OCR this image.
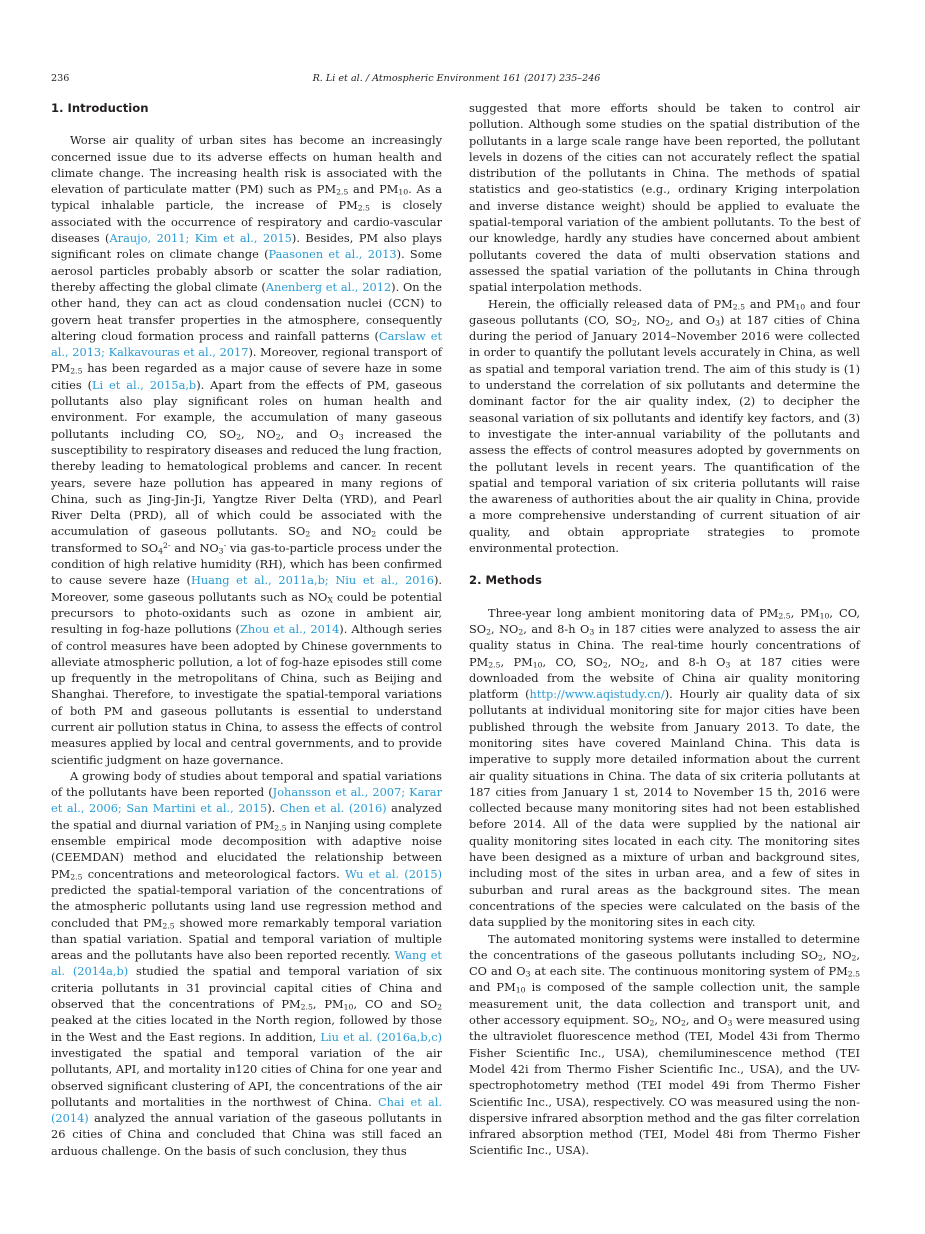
236	R. Li et al. / Atmospheric Environment 161 (2017) 235–246
1. Introduction

Worse air quality of urban sites has become an increasingly concerned issue due to its adverse effects on human health and climate change. The increasing health risk is associated with the elevation of particulate matter (PM) such as $PM_{2.5}$ and $PM_{10}$. As a typical inhalable particle, the increase of $PM_{2.5}$ is closely associated with the occurrence of respiratory and cardio-vascular diseases (Araujo, 2011; Kim et al., 2015). Besides, PM also plays significant roles on climate change (Paasonen et al., 2013). Some aerosol particles probably absorb or scatter the solar radiation, thereby affecting the global climate (Anenberg et al., 2012). On the other hand, they can act as cloud condensation nuclei (CCN) to govern heat transfer properties in the atmosphere, consequently altering cloud formation process and rainfall patterns (Carslaw et al., 2013; Kalkavouras et al., 2017). Moreover, regional transport of $PM_{2.5}$ has been regarded as a major cause of severe haze in some cities (Li et al., 2015a,b). Apart from the effects of PM, gaseous pollutants also play significant roles on human health and environment. For example, the accumulation of many gaseous pollutants including CO, $SO_2$, $NO_2$, and $O_3$ increased the susceptibility to respiratory diseases and reduced the lung fraction, thereby leading to hematological problems and cancer. In recent years, severe haze pollution has appeared in many regions of China, such as Jing-Jin-Ji, Yangtze River Delta (YRD), and Pearl River Delta (PRD), all of which could be associated with the accumulation of gaseous pollutants. $SO_2$ and $NO_2$ could be transformed to $SO_4^{2-}$ and $NO_3^-$ via gas-to-particle process under the condition of high relative humidity (RH), which has been confirmed to cause severe haze (Huang et al., 2011a,b; Niu et al., 2016). Moreover, some gaseous pollutants such as $NO_X$ could be potential precursors to photo-oxidants such as ozone in ambient air, resulting in fog-haze pollutions (Zhou et al., 2014). Although series of control measures have been adopted by Chinese governments to alleviate atmospheric pollution, a lot of fog-haze episodes still come up frequently in the metropolitans of China, such as Beijing and Shanghai. Therefore, to investigate the spatial-temporal variations of both PM and gaseous pollutants is essential to understand current air pollution status in China, to assess the effects of control measures applied by local and central governments, and to provide scientific judgment on haze governance.

A growing body of studies about temporal and spatial variations of the pollutants have been reported (Johansson et al., 2007; Karar et al., 2006; San Martini et al., 2015). Chen et al. (2016) analyzed the spatial and diurnal variation of $PM_{2.5}$ in Nanjing using complete ensemble empirical mode decomposition with adaptive noise (CEEMDAN) method and elucidated the relationship between $PM_{2.5}$ concentrations and meteorological factors. Wu et al. (2015) predicted the spatial-temporal variation of the concentrations of the atmospheric pollutants using land use regression method and concluded that $PM_{2.5}$ showed more remarkably temporal variation than spatial variation. Spatial and temporal variation of multiple areas and the pollutants have also been reported recently. Wang et al. (2014a,b) studied the spatial and temporal variation of six criteria pollutants in 31 provincial capital cities of China and observed that the concentrations of $PM_{2.5}$, $PM_{10}$, CO and $SO_2$ peaked at the cities located in the North region, followed by those in the West and the East regions. In addition, Liu et al. (2016a,b,c) investigated the spatial and temporal variation of the air pollutants, API, and mortality in120 cities of China for one year and observed significant clustering of API, the concentrations of the air pollutants and mortalities in the northwest of China. Chai et al. (2014) analyzed the annual variation of the gaseous pollutants in 26 cities of China and concluded that China was still faced an arduous challenge. On the basis of such conclusion, they thus

suggested that more efforts should be taken to control air pollution. Although some studies on the spatial distribution of the pollutants in a large scale range have been reported, the pollutant levels in dozens of the cities can not accurately reflect the spatial distribution of the pollutants in China. The methods of spatial statistics and geo-statistics (e.g., ordinary Kriging interpolation and inverse distance weight) should be applied to evaluate the spatial-temporal variation of the ambient pollutants. To the best of our knowledge, hardly any studies have concerned about ambient pollutants covered the data of multi observation stations and assessed the spatial variation of the pollutants in China through spatial interpolation methods.

Herein, the officially released data of $PM_{2.5}$ and $PM_{10}$ and four gaseous pollutants (CO, $SO_2$, $NO_2$, and $O_3$) at 187 cities of China during the period of January 2014–November 2016 were collected in order to quantify the pollutant levels accurately in China, as well as spatial and temporal variation trend. The aim of this study is (1) to understand the correlation of six pollutants and determine the dominant factor for the air quality index, (2) to decipher the seasonal variation of six pollutants and identify key factors, and (3) to investigate the inter-annual variability of the pollutants and assess the effects of control measures adopted by governments on the pollutant levels in recent years. The quantification of the spatial and temporal variation of six criteria pollutants will raise the awareness of authorities about the air quality in China, provide a more comprehensive understanding of current situation of air quality, and obtain appropriate strategies to promote environmental protection.

2. Methods

Three-year long ambient monitoring data of $PM_{2.5}$, $PM_{10}$, CO, $SO_2$, $NO_2$, and 8-h $O_3$ in 187 cities were analyzed to assess the air quality status in China. The real-time hourly concentrations of $PM_{2.5}$, $PM_{10}$, CO, $SO_2$, $NO_2$, and 8-h $O_3$ at 187 cities were downloaded from the website of China air quality monitoring platform (http://www.aqistudy.cn/). Hourly air quality data of six pollutants at individual monitoring site for major cities have been published through the website from January 2013. To date, the monitoring sites have covered Mainland China. This data is imperative to supply more detailed information about the current air quality situations in China. The data of six criteria pollutants at 187 cities from January 1 st, 2014 to November 15 th, 2016 were collected because many monitoring sites had not been established before 2014. All of the data were supplied by the national air quality monitoring sites located in each city. The monitoring sites have been designed as a mixture of urban and background sites, including most of the sites in urban area, and a few of sites in suburban and rural areas as the background sites. The mean concentrations of the species were calculated on the basis of the data supplied by the monitoring sites in each city.

The automated monitoring systems were installed to determine the concentrations of the gaseous pollutants including $SO_2$, $NO_2$, CO and $O_3$ at each site. The continuous monitoring system of $PM_{2.5}$ and $PM_{10}$ is composed of the sample collection unit, the sample measurement unit, the data collection and transport unit, and other accessory equipment. $SO_2$, $NO_2$, and $O_3$ were measured using the ultraviolet fluorescence method (TEI, Model 43i from Thermo Fisher Scientific Inc., USA), chemiluminescence method (TEI Model 42i from Thermo Fisher Scientific Inc., USA), and the UV-spectrophotometry method (TEI model 49i from Thermo Fisher Scientific Inc., USA), respectively. CO was measured using the non-dispersive infrared absorption method and the gas filter correlation infrared absorption method (TEI, Model 48i from Thermo Fisher Scientific Inc., USA).
